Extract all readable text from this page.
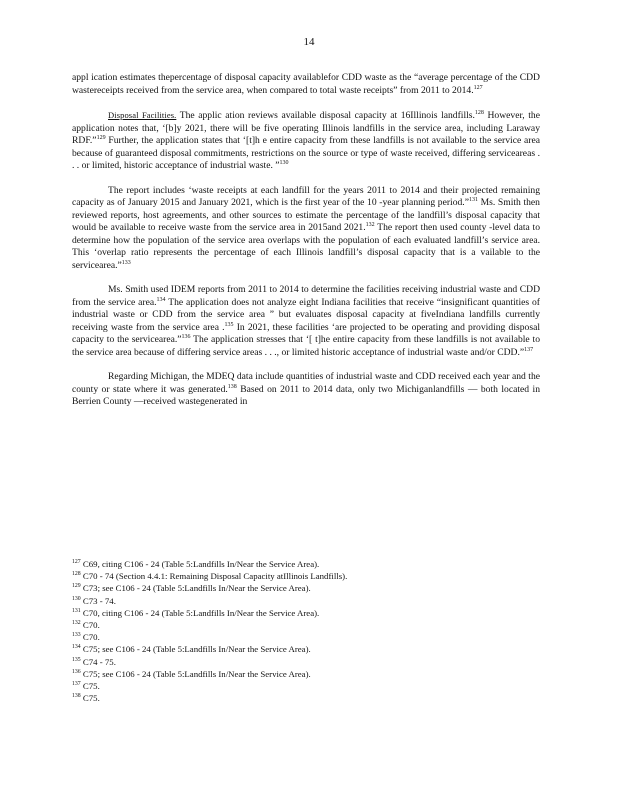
14

appl ication estimates thepercentage of disposal capacity availablefor CDD waste as the “average percentage of the CDD wastereceipts received from the service area, when compared to total waste receipts” from 2011 to 2014.$^{127}$

Disposal Facilities. The applic ation reviews available disposal capacity at 16Illinois landfills.$^{128}$ However, the application notes that, ‘[b]y 2021, there will be five operating Illinois landfills in the service area, including Laraway RDF.”$^{129}$ Further, the application states that ‘[t]h e entire capacity from these landfills is not available to the service area because of guaranteed disposal commitments, restrictions on the source or type of waste received, differing serviceareas . . . or limited, historic acceptance of industrial waste. ”$^{130}$

The report includes ‘waste receipts at each landfill for the years 2011 to 2014 and their projected remaining capacity as of January 2015 and January 2021, which is the first year of the 10 -year planning period.”$^{131}$ Ms. Smith then reviewed reports, host agreements, and other sources to estimate the percentage of the landfill’s disposal capacity that would be available to receive waste from the service area in 2015and 2021.$^{132}$ The report then used county -level data to determine how the population of the service area overlaps with the population of each evaluated landfill’s service area. This ‘overlap ratio represents the percentage of each Illinois landfill’s disposal capacity that is a vailable to the servicearea.”$^{133}$

Ms. Smith used IDEM reports from 2011 to 2014 to determine the facilities receiving industrial waste and CDD from the service area.$^{134}$ The application does not analyze eight Indiana facilities that receive “insignificant quantities of industrial waste or CDD from the service area ” but evaluates disposal capacity at fiveIndiana landfills currently receiving waste from the service area .$^{135}$ In 2021, these facilities ‘are projected to be operating and providing disposal capacity to the servicearea.”$^{136}$ The application stresses that ‘[ t]he entire capacity from these landfills is not available to the service area because of differing service areas . . ., or limited historic acceptance of industrial waste and/or CDD.”$^{137}$

Regarding Michigan, the MDEQ data include quantities of industrial waste and CDD received each year and the county or state where it was generated.$^{138}$ Based on 2011 to 2014 data, only two Michiganlandfills — both located in Berrien County —received wastegenerated in

$^{127}$ C69, citing C106 - 24 (Table 5:Landfills In/Near the Service Area).
$^{128}$ C70 - 74 (Section 4.4.1: Remaining Disposal Capacity atIllinois Landfills).
$^{129}$ C73; see C106 - 24 (Table 5:Landfills In/Near the Service Area).
$^{130}$ C73 - 74.
$^{131}$ C70, citing C106 - 24 (Table 5:Landfills In/Near the Service Area).
$^{132}$ C70.
$^{133}$ C70.
$^{134}$ C75; see C106 - 24 (Table 5:Landfills In/Near the Service Area).
$^{135}$ C74 - 75.
$^{136}$ C75; see C106 - 24 (Table 5:Landfills In/Near the Service Area).
$^{137}$ C75.
$^{138}$ C75.
